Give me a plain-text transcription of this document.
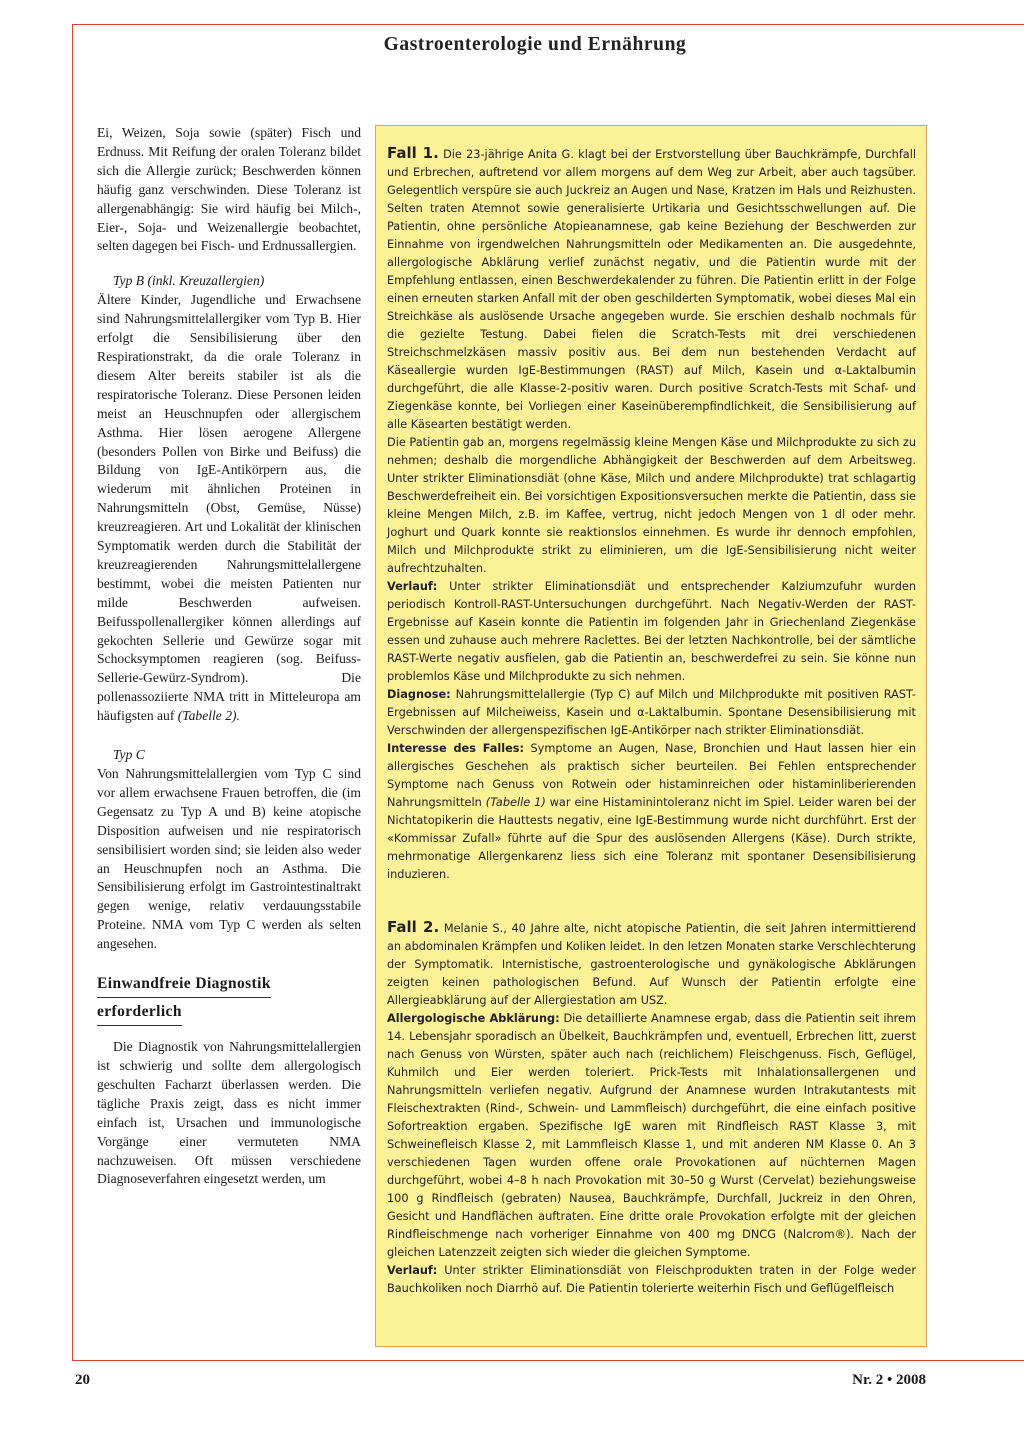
Gastroenterologie und Ernährung

Ei, Weizen, Soja sowie (später) Fisch und Erdnuss. Mit Reifung der oralen Toleranz bildet sich die Allergie zurück; Beschwerden können häufig ganz verschwinden. Diese Toleranz ist allergenabhängig: Sie wird häufig bei Milch-, Eier-, Soja- und Weizenallergie beobachtet, selten dagegen bei Fisch- und Erdnussallergien.

Typ B (inkl. Kreuzallergien)

Ältere Kinder, Jugendliche und Erwachsene sind Nahrungsmittelallergiker vom Typ B. Hier erfolgt die Sensibilisierung über den Respirationstrakt, da die orale Toleranz in diesem Alter bereits stabiler ist als die respiratorische Toleranz. Diese Personen leiden meist an Heuschnupfen oder allergischem Asthma. Hier lösen aerogene Allergene (besonders Pollen von Birke und Beifuss) die Bildung von IgE-Antikörpern aus, die wiederum mit ähnlichen Proteinen in Nahrungsmitteln (Obst, Gemüse, Nüsse) kreuzreagieren. Art und Lokalität der klinischen Symptomatik werden durch die Stabilität der kreuzreagierenden Nahrungsmittelallergene bestimmt, wobei die meisten Patienten nur milde Beschwerden aufweisen. Beifusspollenallergiker können allerdings auf gekochten Sellerie und Gewürze sogar mit Schocksymptomen reagieren (sog. Beifuss-Sellerie-Gewürz-Syndrom). Die pollenassoziierte NMA tritt in Mitteleuropa am häufigsten auf (Tabelle 2).

Typ C

Von Nahrungsmittelallergien vom Typ C sind vor allem erwachsene Frauen betroffen, die (im Gegensatz zu Typ A und B) keine atopische Disposition aufweisen und nie respiratorisch sensibilisiert worden sind; sie leiden also weder an Heuschnupfen noch an Asthma. Die Sensibilisierung erfolgt im Gastrointestinaltrakt gegen wenige, relativ verdauungsstabile Proteine. NMA vom Typ C werden als selten angesehen.

Einwandfreie Diagnostik
erforderlich

Die Diagnostik von Nahrungsmittelallergien ist schwierig und sollte dem allergologisch geschulten Facharzt überlassen werden. Die tägliche Praxis zeigt, dass es nicht immer einfach ist, Ursachen und immunologische Vorgänge einer vermuteten NMA nachzuweisen. Oft müssen verschiedene Diagnoseverfahren eingesetzt werden, um

Fall 1. Die 23-jährige Anita G. klagt bei der Erstvorstellung über Bauchkrämpfe, Durchfall und Erbrechen, auftretend vor allem morgens auf dem Weg zur Arbeit, aber auch tagsüber. Gelegentlich verspüre sie auch Juckreiz an Augen und Nase, Kratzen im Hals und Reizhusten. Selten traten Atemnot sowie generalisierte Urtikaria und Gesichtsschwellungen auf. Die Patientin, ohne persönliche Atopieanamnese, gab keine Beziehung der Beschwerden zur Einnahme von irgendwelchen Nahrungsmitteln oder Medikamenten an. Die ausgedehnte, allergologische Abklärung verlief zunächst negativ, und die Patientin wurde mit der Empfehlung entlassen, einen Beschwerdekalender zu führen. Die Patientin erlitt in der Folge einen erneuten starken Anfall mit der oben geschilderten Symptomatik, wobei dieses Mal ein Streichkäse als auslösende Ursache angegeben wurde. Sie erschien deshalb nochmals für die gezielte Testung. Dabei fielen die Scratch-Tests mit drei verschiedenen Streichschmelzkäsen massiv positiv aus. Bei dem nun bestehenden Verdacht auf Käseallergie wurden IgE-Bestimmungen (RAST) auf Milch, Kasein und α-Laktalbumin durchgeführt, die alle Klasse-2-positiv waren. Durch positive Scratch-Tests mit Schaf- und Ziegenkäse konnte, bei Vorliegen einer Kaseinüberempfindlichkeit, die Sensibilisierung auf alle Käsearten bestätigt werden.

Die Patientin gab an, morgens regelmässig kleine Mengen Käse und Milchprodukte zu sich zu nehmen; deshalb die morgendliche Abhängigkeit der Beschwerden auf dem Arbeitsweg. Unter strikter Eliminationsdiät (ohne Käse, Milch und andere Milchprodukte) trat schlagartig Beschwerdefreiheit ein. Bei vorsichtigen Expositionsversuchen merkte die Patientin, dass sie kleine Mengen Milch, z.B. im Kaffee, vertrug, nicht jedoch Mengen von 1 dl oder mehr. Joghurt und Quark konnte sie reaktionslos einnehmen. Es wurde ihr dennoch empfohlen, Milch und Milchprodukte strikt zu eliminieren, um die IgE-Sensibilisierung nicht weiter aufrechtzuhalten.

Verlauf: Unter strikter Eliminationsdiät und entsprechender Kalziumzufuhr wurden periodisch Kontroll-RAST-Untersuchungen durchgeführt. Nach Negativ-Werden der RAST-Ergebnisse auf Kasein konnte die Patientin im folgenden Jahr in Griechenland Ziegenkäse essen und zuhause auch mehrere Raclettes. Bei der letzten Nachkontrolle, bei der sämtliche RAST-Werte negativ ausfielen, gab die Patientin an, beschwerdefrei zu sein. Sie könne nun problemlos Käse und Milchprodukte zu sich nehmen.

Diagnose: Nahrungsmittelallergie (Typ C) auf Milch und Milchprodukte mit positiven RAST-Ergebnissen auf Milcheiweiss, Kasein und α-Laktalbumin. Spontane Desensibilisierung mit Verschwinden der allergenspezifischen IgE-Antikörper nach strikter Eliminationsdiät.

Interesse des Falles: Symptome an Augen, Nase, Bronchien und Haut lassen hier ein allergisches Geschehen als praktisch sicher beurteilen. Bei Fehlen entsprechender Symptome nach Genuss von Rotwein oder histaminreichen oder histaminliberierenden Nahrungsmitteln (Tabelle 1) war eine Histaminintoleranz nicht im Spiel. Leider waren bei der Nichtatopikerin die Hauttests negativ, eine IgE-Bestimmung wurde nicht durchführt. Erst der «Kommissar Zufall» führte auf die Spur des auslösenden Allergens (Käse). Durch strikte, mehrmonatige Allergenkarenz liess sich eine Toleranz mit spontaner Desensibilisierung induzieren.

Fall 2. Melanie S., 40 Jahre alte, nicht atopische Patientin, die seit Jahren intermittierend an abdominalen Krämpfen und Koliken leidet. In den letzen Monaten starke Verschlechterung der Symptomatik. Internistische, gastroenterologische und gynäkologische Abklärungen zeigten keinen pathologischen Befund. Auf Wunsch der Patientin erfolgte eine Allergieabklärung auf der Allergiestation am USZ.

Allergologische Abklärung: Die detaillierte Anamnese ergab, dass die Patientin seit ihrem 14. Lebensjahr sporadisch an Übelkeit, Bauchkrämpfen und, eventuell, Erbrechen litt, zuerst nach Genuss von Würsten, später auch nach (reichlichem) Fleischgenuss. Fisch, Geflügel, Kuhmilch und Eier werden toleriert. Prick-Tests mit Inhalationsallergenen und Nahrungsmitteln verliefen negativ. Aufgrund der Anamnese wurden Intrakutantests mit Fleischextrakten (Rind-, Schwein- und Lammfleisch) durchgeführt, die eine einfach positive Sofortreaktion ergaben. Spezifische IgE waren mit Rindfleisch RAST Klasse 3, mit Schweinefleisch Klasse 2, mit Lammfleisch Klasse 1, und mit anderen NM Klasse 0. An 3 verschiedenen Tagen wurden offene orale Provokationen auf nüchternen Magen durchgeführt, wobei 4–8 h nach Provokation mit 30–50 g Wurst (Cervelat) beziehungsweise 100 g Rindfleisch (gebraten) Nausea, Bauchkrämpfe, Durchfall, Juckreiz in den Ohren, Gesicht und Handflächen auftraten. Eine dritte orale Provokation erfolgte mit der gleichen Rindfleischmenge nach vorheriger Einnahme von 400 mg DNCG (Nalcrom®). Nach der gleichen Latenzzeit zeigten sich wieder die gleichen Symptome.

Verlauf: Unter strikter Eliminationsdiät von Fleischprodukten traten in der Folge weder Bauchkoliken noch Diarrhö auf. Die Patientin tolerierte weiterhin Fisch und Geflügelfleisch

20	Nr. 2 • 2008
